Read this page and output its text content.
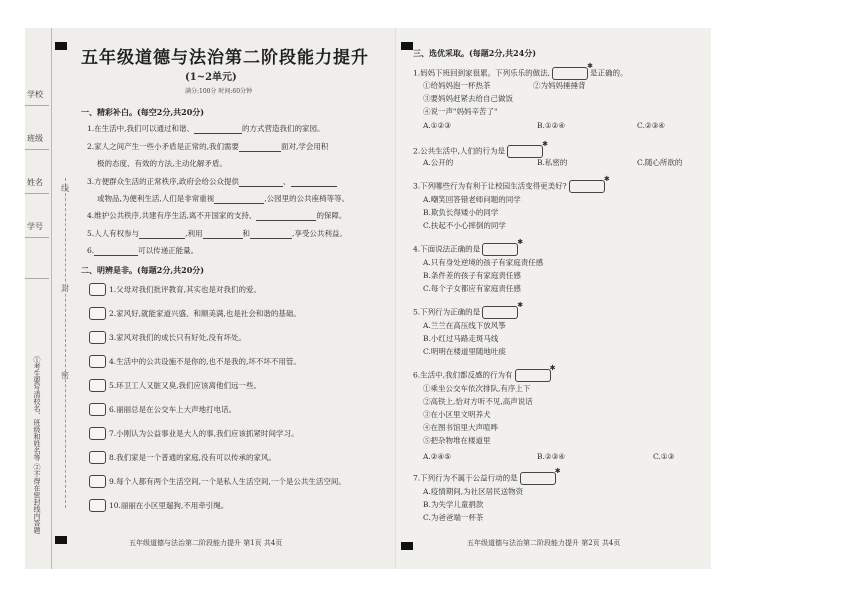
学校
班级
姓名
学号
①考生要写清校名、班级和姓名等 ②不得在密封线内答题
线
封
密
五年级道德与法治第二阶段能力提升
(1~2单元)
满分:100分 时间:60分钟
一、精彩补白。(每空2分,共20分)
1.在生活中,我们可以通过和谐、	的方式营造我们的家园。
2.家人之间产生一些小矛盾是正常的,我们需要	面对,学会用积
极的态度、有效的方法,主动化解矛盾。
3.方便群众生活的正常秩序,政府会给公众提供	、
或物品,为便利生活,人们是非常重视	,公园里的公共座椅等等。
4.维护公共秩序,共建有序生活,离不开国家的支持、	的保障。
5.人人有权参与	,利用	和	,享受公共利益。
6.	可以传递正能量。
二、明辨是非。(每题2分,共20分)
1.父母对我们批评教育,其实也是对我们的爱。
2.家风好,就能家道兴盛、和顺美满,也是社会和谐的基础。
3.家风对我们的成长只有好处,没有坏处。
4.生活中的公共设施不是你的,也不是我的,坏不坏不用管。
5.环卫工人又脏又臭,我们应该离他们远一些。
6.丽丽总是在公交车上大声地打电话。
7.小刚认为公益事业是大人的事,我们应该抓紧时间学习。
8.我们家是一个普通的家庭,没有可以传承的家风。
9.每个人都有两个生活空间,一个是私人生活空间,一个是公共生活空间。
10.丽丽在小区里遛狗,不用牵引绳。
五年级道德与法治第二阶段能力提升 第1页 共4页
三、选优采取。(每题2分,共24分)
1.妈妈下班回到家很累。下列乐乐的做法,✱	是正确的。
①给妈妈泡一杯热茶	②为妈妈捶捶背
③要妈妈赶紧去给自己做饭
④说一声"妈妈辛苦了"
A.①②③	B.①②④	C.②③④
2.公共生活中,人们的行为是✱
A.公开的	B.私密的	C.随心所欲的
3.下列哪些行为有利于让校园生活变得更美好?✱
A.嘲笑回答错老师问题的同学
B.欺负长得矮小的同学
C.扶起不小心摔倒的同学
4.下面说法正确的是✱
A.只有身处逆境的孩子有家庭责任感
B.条件差的孩子有家庭责任感
C.每个子女都应有家庭责任感
5.下列行为正确的是✱
A.兰兰在高压线下放风筝
B.小红过马路走斑马线
C.明明在楼道里随地吐痰
6.生活中,我们都反感的行为有✱
①乘坐公交车依次排队,有序上下
②高铁上,恰对方听不见,高声说话
③在小区里文明养犬
④在图书馆里大声喧哗
⑤把杂物堆在楼道里
A.②④⑤	B.②③④	C.①③
7.下列行为不属于公益行动的是✱
A.疫情期间,为社区居民送物资
B.为失学儿童捐款
C.为爸爸端一杯茶
五年级道德与法治第二阶段能力提升 第2页 共4页
